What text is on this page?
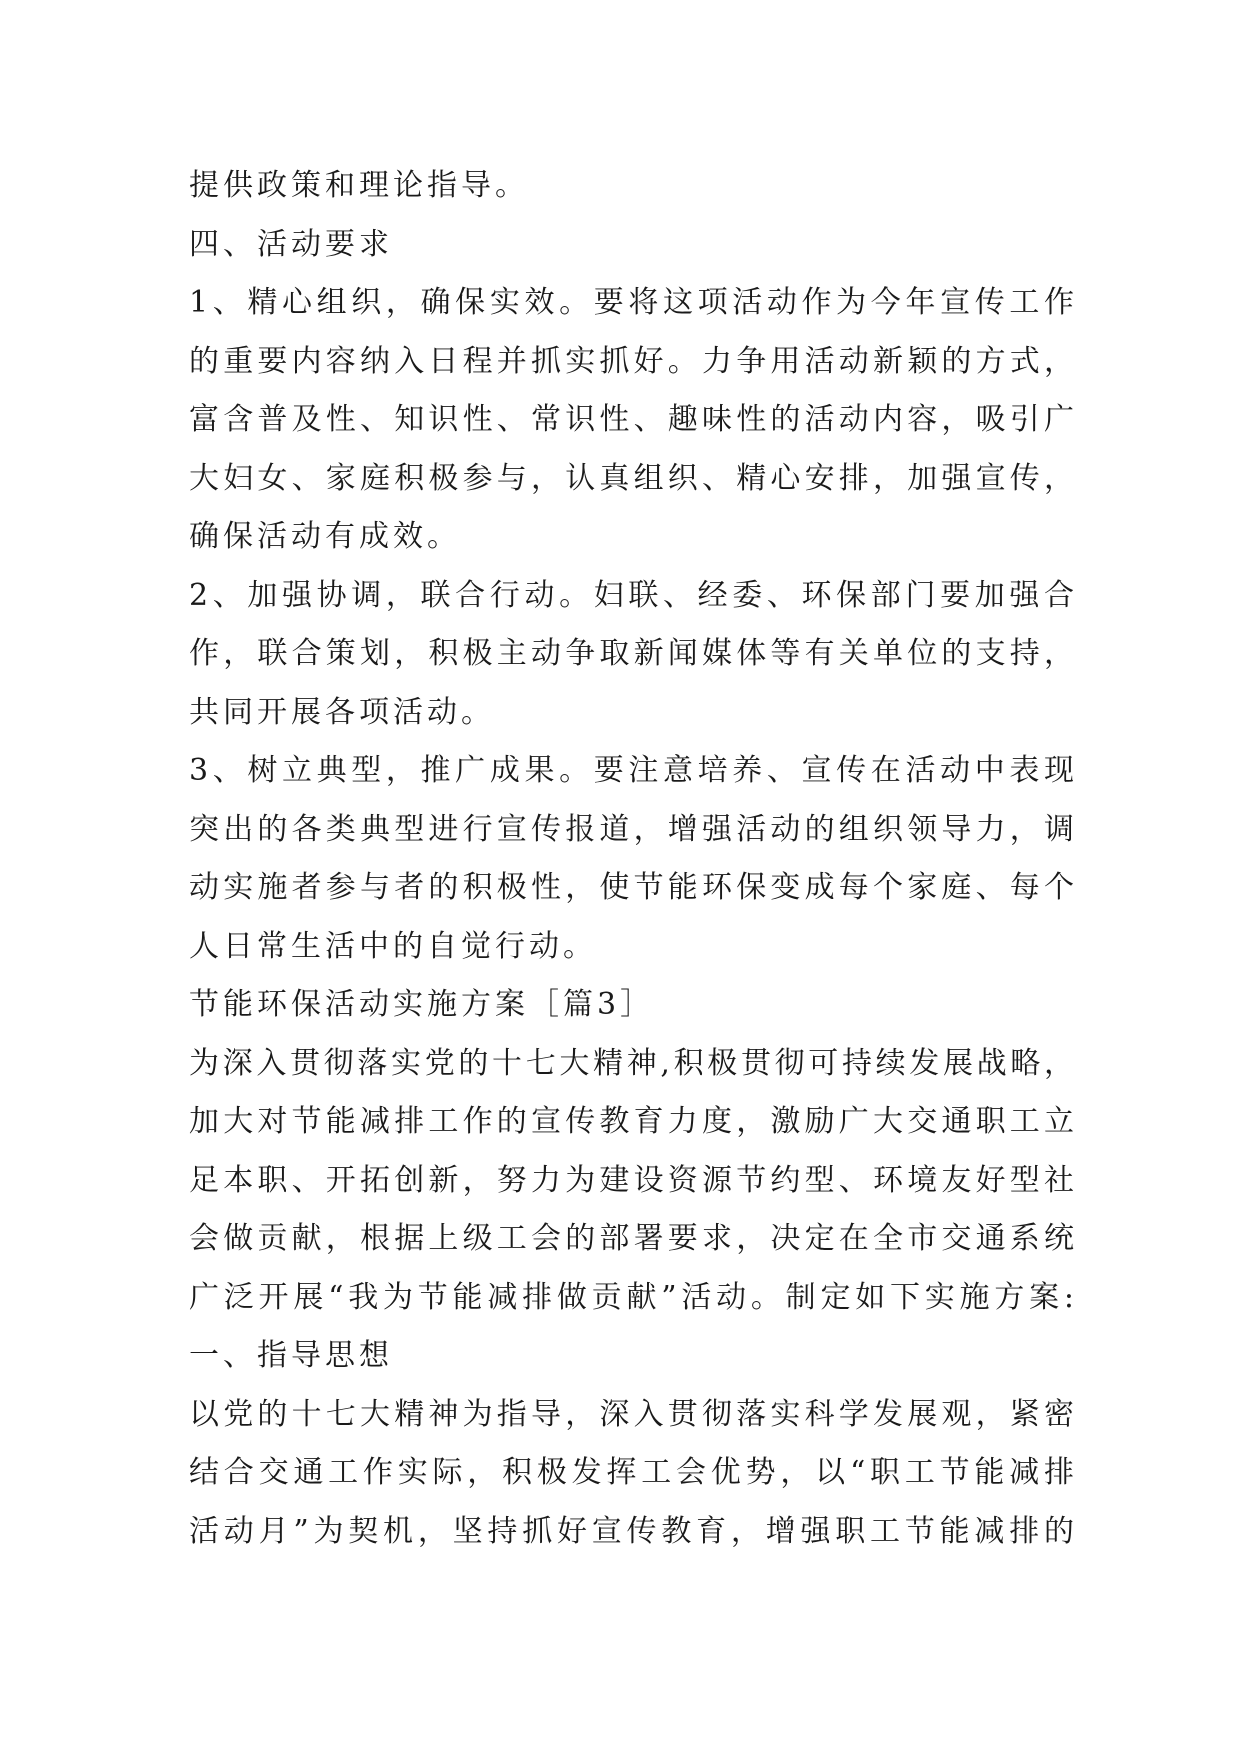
提供政策和理论指导。
四、活动要求
1、精心组织，确保实效。要将这项活动作为今年宣传工作
的重要内容纳入日程并抓实抓好。力争用活动新颖的方式，
富含普及性、知识性、常识性、趣味性的活动内容，吸引广
大妇女、家庭积极参与，认真组织、精心安排，加强宣传，
确保活动有成效。
2、加强协调，联合行动。妇联、经委、环保部门要加强合
作，联合策划，积极主动争取新闻媒体等有关单位的支持，
共同开展各项活动。
3、树立典型，推广成果。要注意培养、宣传在活动中表现
突出的各类典型进行宣传报道，增强活动的组织领导力，调
动实施者参与者的积极性，使节能环保变成每个家庭、每个
人日常生活中的自觉行动。
节能环保活动实施方案［篇3］
为深入贯彻落实党的十七大精神,积极贯彻可持续发展战略，
加大对节能减排工作的宣传教育力度，激励广大交通职工立
足本职、开拓创新，努力为建设资源节约型、环境友好型社
会做贡献，根据上级工会的部署要求，决定在全市交通系统
广泛开展“我为节能减排做贡献”活动。制定如下实施方案:
一、指导思想
以党的十七大精神为指导，深入贯彻落实科学发展观，紧密
结合交通工作实际，积极发挥工会优势，以“职工节能减排
活动月”为契机，坚持抓好宣传教育，增强职工节能减排的
